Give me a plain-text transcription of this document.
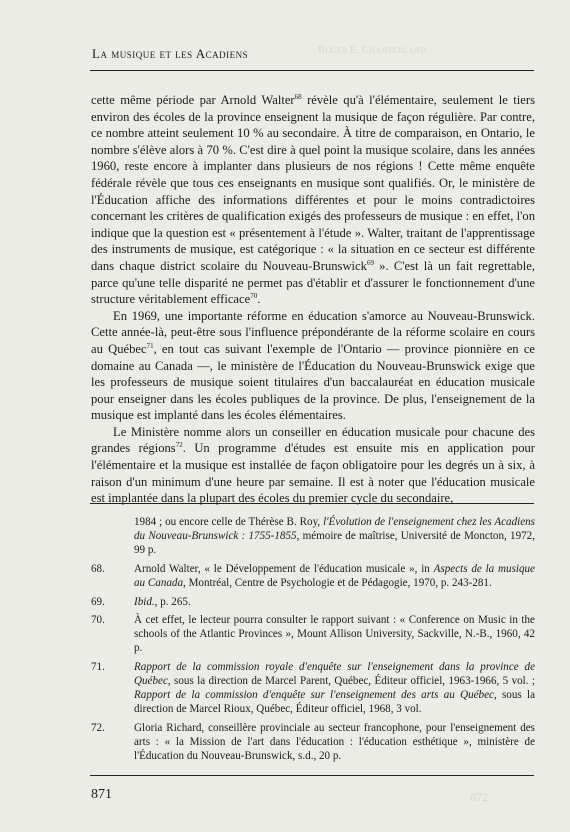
Roger E. Chamberland
La musique et les Acadiens

cette même période par Arnold Walter$^{68}$ révèle qu'à l'élémentaire, seulement le tiers environ des écoles de la province enseignent la musique de façon régulière. Par contre, ce nombre atteint seulement 10 % au secondaire. À titre de comparaison, en Ontario, le nombre s'élève alors à 70 %. C'est dire à quel point la musique scolaire, dans les années 1960, reste encore à implanter dans plusieurs de nos régions ! Cette même enquête fédérale révèle que tous ces enseignants en musique sont qualifiés. Or, le ministère de l'Éducation affiche des informations différentes et pour le moins contradictoires concernant les critères de qualification exigés des professeurs de musique : en effet, l'on indique que la question est « présentement à l'étude ». Walter, traitant de l'apprentissage des instruments de musique, est catégorique : « la situation en ce secteur est différente dans chaque district scolaire du Nouveau-Brunswick$^{69}$ ». C'est là un fait regrettable, parce qu'une telle disparité ne permet pas d'établir et d'assurer le fonctionnement d'une structure véritablement efficace$^{70}$.

En 1969, une importante réforme en éducation s'amorce au Nouveau-Brunswick. Cette année-là, peut-être sous l'influence prépondérante de la réforme scolaire en cours au Québec$^{71}$, en tout cas suivant l'exemple de l'Ontario — province pionnière en ce domaine au Canada —, le ministère de l'Éducation du Nouveau-Brunswick exige que les professeurs de musique soient titulaires d'un baccalauréat en éducation musicale pour enseigner dans les écoles publiques de la province. De plus, l'enseignement de la musique est implanté dans les écoles élémentaires.

Le Ministère nomme alors un conseiller en éducation musicale pour chacune des grandes régions$^{72}$. Un programme d'études est ensuite mis en application pour l'élémentaire et la musique est installée de façon obligatoire pour les degrés un à six, à raison d'un minimum d'une heure par semaine. Il est à noter que l'éducation musicale est implantée dans la plupart des écoles du premier cycle du secondaire,

1984 ; ou encore celle de Thérèse B. Roy, l'Évolution de l'enseignement chez les Acadiens du Nouveau-Brunswick : 1755-1855, mémoire de maîtrise, Université de Moncton, 1972, 99 p.
68.	Arnold Walter, « le Développement de l'éducation musicale », in Aspects de la musique au Canada, Montréal, Centre de Psychologie et de Pédagogie, 1970, p. 243-281.
69.	Ibid., p. 265.
70.	À cet effet, le lecteur pourra consulter le rapport suivant : « Conference on Music in the schools of the Atlantic Provinces », Mount Allison University, Sackville, N.-B., 1960, 42 p.
71.	Rapport de la commission royale d'enquête sur l'enseignement dans la province de Québec, sous la direction de Marcel Parent, Québec, Éditeur officiel, 1963-1966, 5 vol. ; Rapport de la commission d'enquête sur l'enseignement des arts au Québec, sous la direction de Marcel Rioux, Québec, Éditeur officiel, 1968, 3 vol.
72.	Gloria Richard, conseillère provinciale au secteur francophone, pour l'enseignement des arts : « la Mission de l'art dans l'éducation : l'éducation esthétique », ministère de l'Éducation du Nouveau-Brunswick, s.d., 20 p.
871	872
